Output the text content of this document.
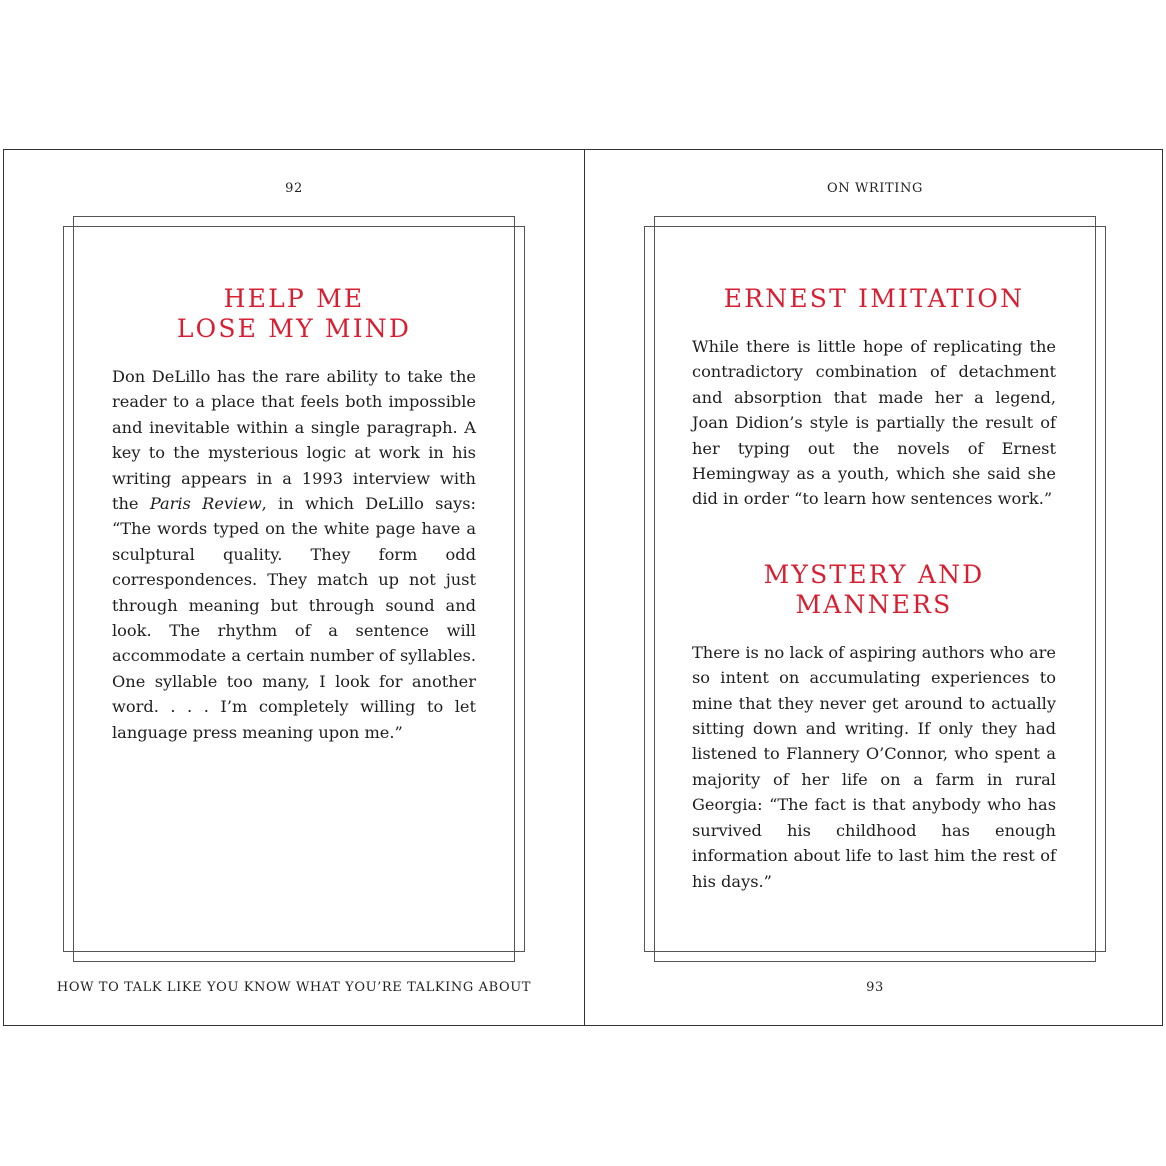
92
HELP ME
LOSE MY MIND

Don DeLillo has the rare ability to take the reader to a place that feels both impossible and inevitable within a single paragraph. A key to the mysterious logic at work in his writing appears in a 1993 interview with the Paris Review, in which DeLillo says: “The words typed on the white page have a sculptural quality. They form odd correspondences. They match up not just through meaning but through sound and look. The rhythm of a sentence will accommodate a certain number of syllables. One syllable too many, I look for another word. . . . I’m completely willing to let language press meaning upon me.”

HOW TO TALK LIKE YOU KNOW WHAT YOU’RE TALKING ABOUT
ON WRITING
ERNEST IMITATION

While there is little hope of replicating the contradictory combination of detachment and absorption that made her a legend, Joan Didion’s style is partially the result of her typing out the novels of Ernest Hemingway as a youth, which she said she did in order “to learn how sentences work.”

MYSTERY AND
MANNERS

There is no lack of aspiring authors who are so intent on accumulating experiences to mine that they never get around to actually sitting down and writing. If only they had listened to Flannery O’Connor, who spent a majority of her life on a farm in rural Georgia: “The fact is that anybody who has survived his childhood has enough information about life to last him the rest of his days.”

93
